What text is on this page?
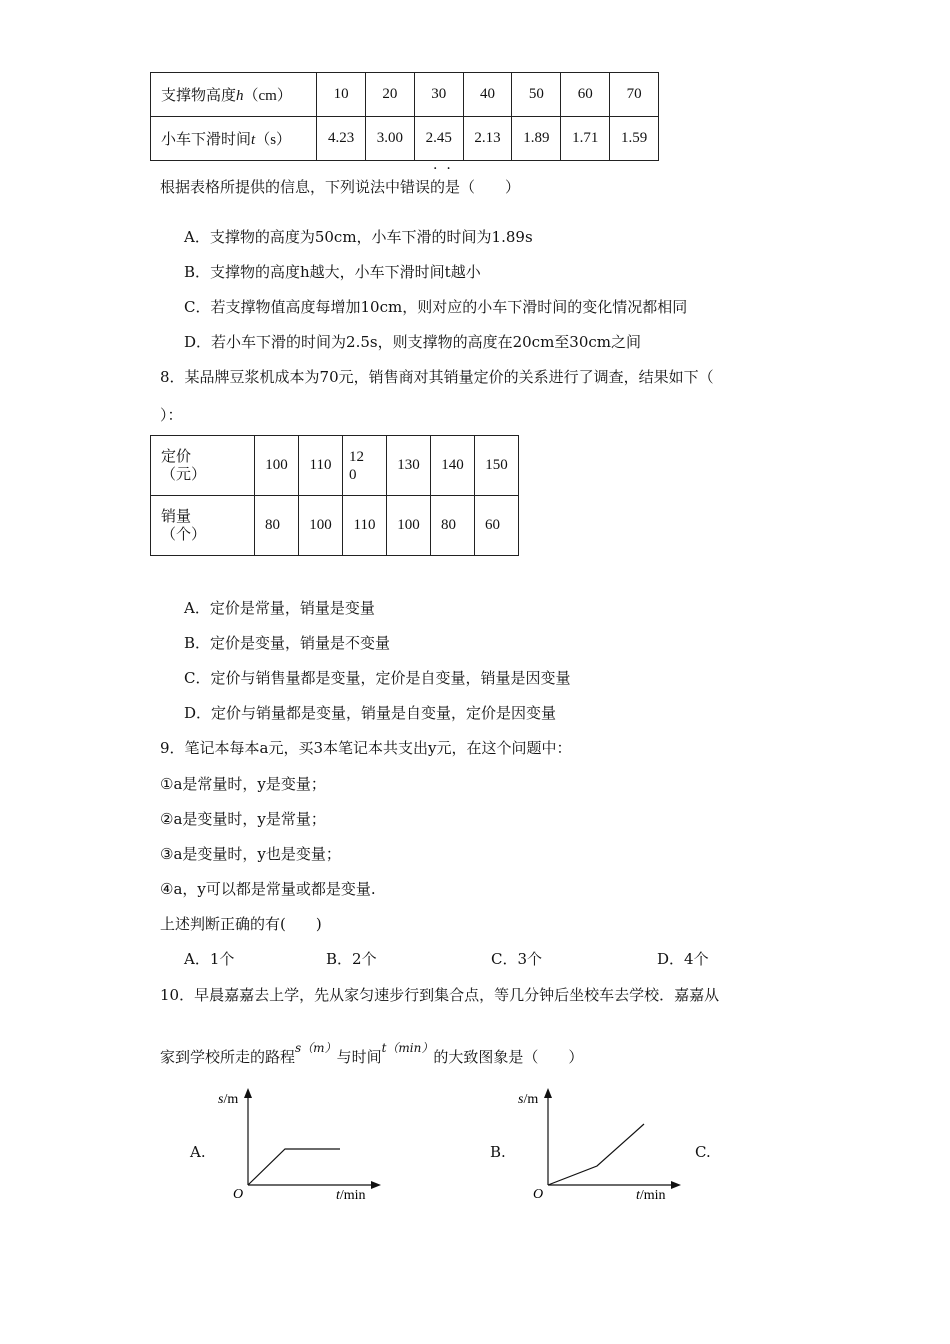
支撑物高度h（cm）	10	20	30	40	50	60	70
小车下滑时间t（s）	4.23	3.00	2.45	2.13	1.89	1.71	1.59
·  ·
根据表格所提供的信息，下列说法中错误的是（　　）
A．支撑物的高度为50cm，小车下滑的时间为1.89s
B．支撑物的高度h越大，小车下滑时间t越小
C．若支撑物值高度每增加10cm，则对应的小车下滑时间的变化情况都相同
D．若小车下滑的时间为2.5s，则支撑物的高度在20cm至30cm之间
8．某品牌豆浆机成本为70元，销售商对其销量定价的关系进行了调查，结果如下（
）：
定价
（元）	100	110	120	130	140	150

销量
（个）	80	100	110	100	80	60
A．定价是常量，销量是变量
B．定价是变量，销量是不变量
C．定价与销售量都是变量，定价是自变量，销量是因变量
D．定价与销量都是变量，销量是自变量，定价是因变量
9．笔记本每本a元，买3本笔记本共支出y元，在这个问题中：
①a是常量时，y是变量；
②a是变量时，y是常量；
③a是变量时，y也是变量；
④a，y可以都是常量或都是变量.
上述判断正确的有(　　)
A．1个	B．2个	C．3个	D．4个
10．早晨嘉嘉去上学，先从家匀速步行到集合点，等几分钟后坐校车去学校．嘉嘉从
家到学校所走的路程$^{s(m)}$与时间$^{t(min)}$的大致图象是（　　）
A.
s/m
O	t/min
B.
s/m
O	t/min
C.
